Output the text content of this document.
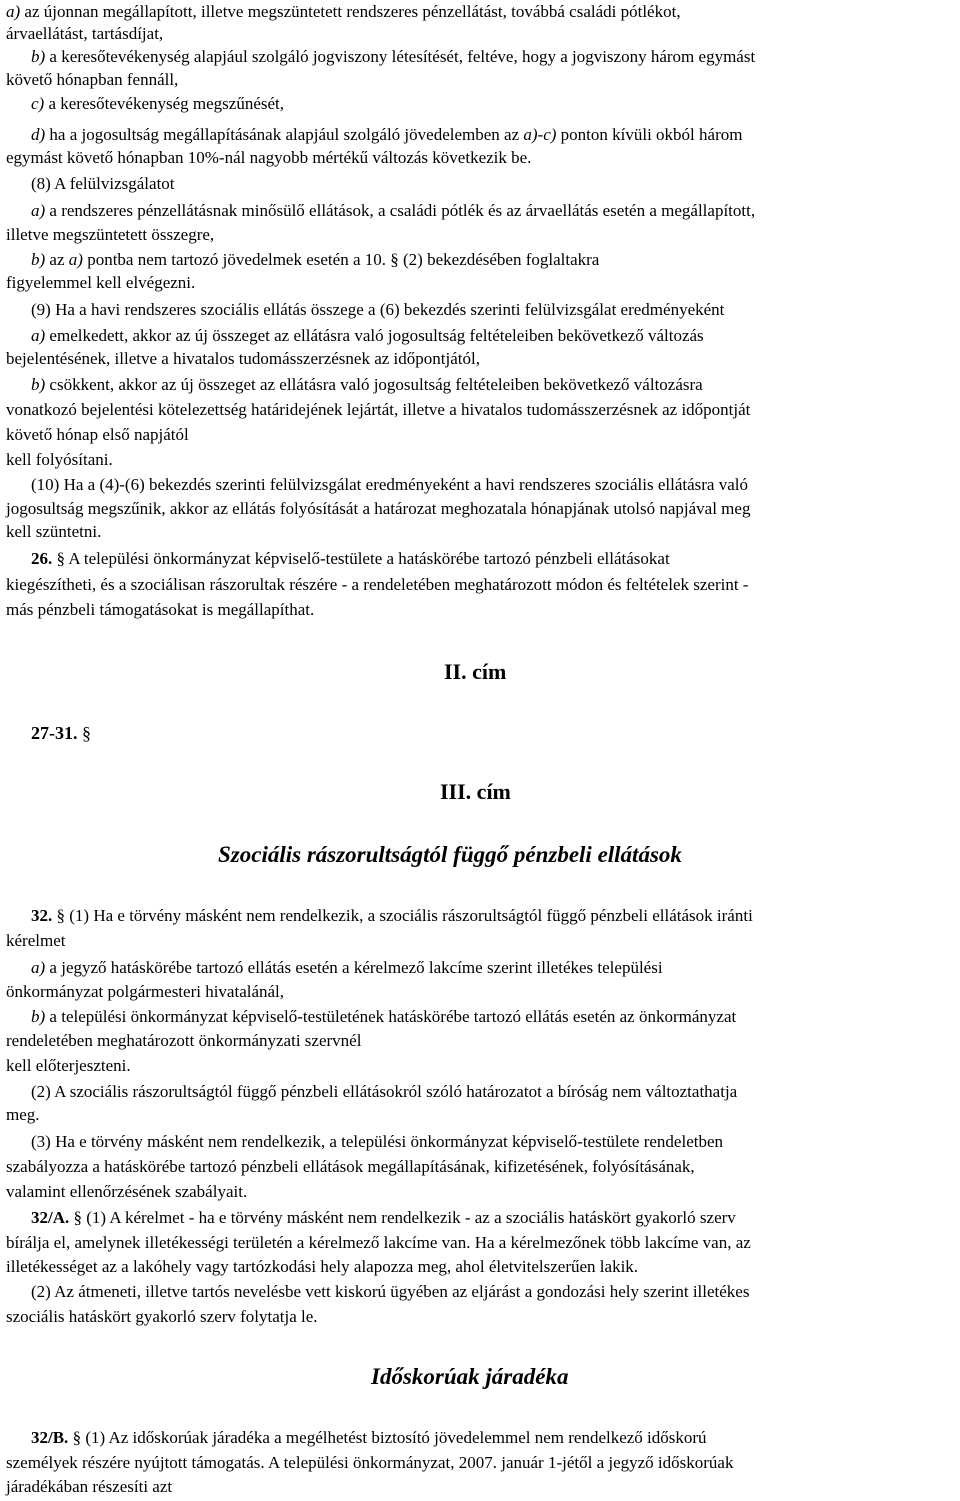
a) az újonnan megállapított, illetve megszüntetett rendszeres pénzellátást, továbbá családi pótlékot,
árvaellátást, tartásdíjat,
b) a keresőtevékenység alapjául szolgáló jogviszony létesítését, feltéve, hogy a jogviszony három egymást
követő hónapban fennáll,
c) a keresőtevékenység megszűnését,
d) ha a jogosultság megállapításának alapjául szolgáló jövedelemben az a)-c) ponton kívüli okból három
egymást követő hónapban 10%-nál nagyobb mértékű változás következik be.
(8) A felülvizsgálatot
a) a rendszeres pénzellátásnak minősülő ellátások, a családi pótlék és az árvaellátás esetén a megállapított,
illetve megszüntetett összegre,
b) az a) pontba nem tartozó jövedelmek esetén a 10. § (2) bekezdésében foglaltakra
figyelemmel kell elvégezni.
(9) Ha a havi rendszeres szociális ellátás összege a (6) bekezdés szerinti felülvizsgálat eredményeként
a) emelkedett, akkor az új összeget az ellátásra való jogosultság feltételeiben bekövetkező változás
bejelentésének, illetve a hivatalos tudomásszerzésnek az időpontjától,
b) csökkent, akkor az új összeget az ellátásra való jogosultság feltételeiben bekövetkező változásra
vonatkozó bejelentési kötelezettség határidejének lejártát, illetve a hivatalos tudomásszerzésnek az időpontját
követő hónap első napjától
kell folyósítani.
(10) Ha a (4)-(6) bekezdés szerinti felülvizsgálat eredményeként a havi rendszeres szociális ellátásra való
jogosultság megszűnik, akkor az ellátás folyósítását a határozat meghozatala hónapjának utolsó napjával meg
kell szüntetni.
26. § A települési önkormányzat képviselő-testülete a hatáskörébe tartozó pénzbeli ellátásokat
kiegészítheti, és a szociálisan rászorultak részére - a rendeletében meghatározott módon és feltételek szerint -
más pénzbeli támogatásokat is megállapíthat.
II. cím
27-31. §
III. cím
Szociális rászorultságtól függő pénzbeli ellátások
32. § (1) Ha e törvény másként nem rendelkezik, a szociális rászorultságtól függő pénzbeli ellátások iránti
kérelmet
a) a jegyző hatáskörébe tartozó ellátás esetén a kérelmező lakcíme szerint illetékes települési
önkormányzat polgármesteri hivatalánál,
b) a települési önkormányzat képviselő-testületének hatáskörébe tartozó ellátás esetén az önkormányzat
rendeletében meghatározott önkormányzati szervnél
kell előterjeszteni.
(2) A szociális rászorultságtól függő pénzbeli ellátásokról szóló határozatot a bíróság nem változtathatja
meg.
(3) Ha e törvény másként nem rendelkezik, a települési önkormányzat képviselő-testülete rendeletben
szabályozza a hatáskörébe tartozó pénzbeli ellátások megállapításának, kifizetésének, folyósításának,
valamint ellenőrzésének szabályait.
32/A. § (1) A kérelmet - ha e törvény másként nem rendelkezik - az a szociális hatáskört gyakorló szerv
bírálja el, amelynek illetékességi területén a kérelmező lakcíme van. Ha a kérelmezőnek több lakcíme van, az
illetékességet az a lakóhely vagy tartózkodási hely alapozza meg, ahol életvitelszerűen lakik.
(2) Az átmeneti, illetve tartós nevelésbe vett kiskorú ügyében az eljárást a gondozási hely szerint illetékes
szociális hatáskört gyakorló szerv folytatja le.
Időskorúak járadéka
32/B. § (1) Az időskorúak járadéka a megélhetést biztosító jövedelemmel nem rendelkező időskorú
személyek részére nyújtott támogatás. A települési önkormányzat, 2007. január 1-jétől a jegyző időskorúak
járadékában részesíti azt
